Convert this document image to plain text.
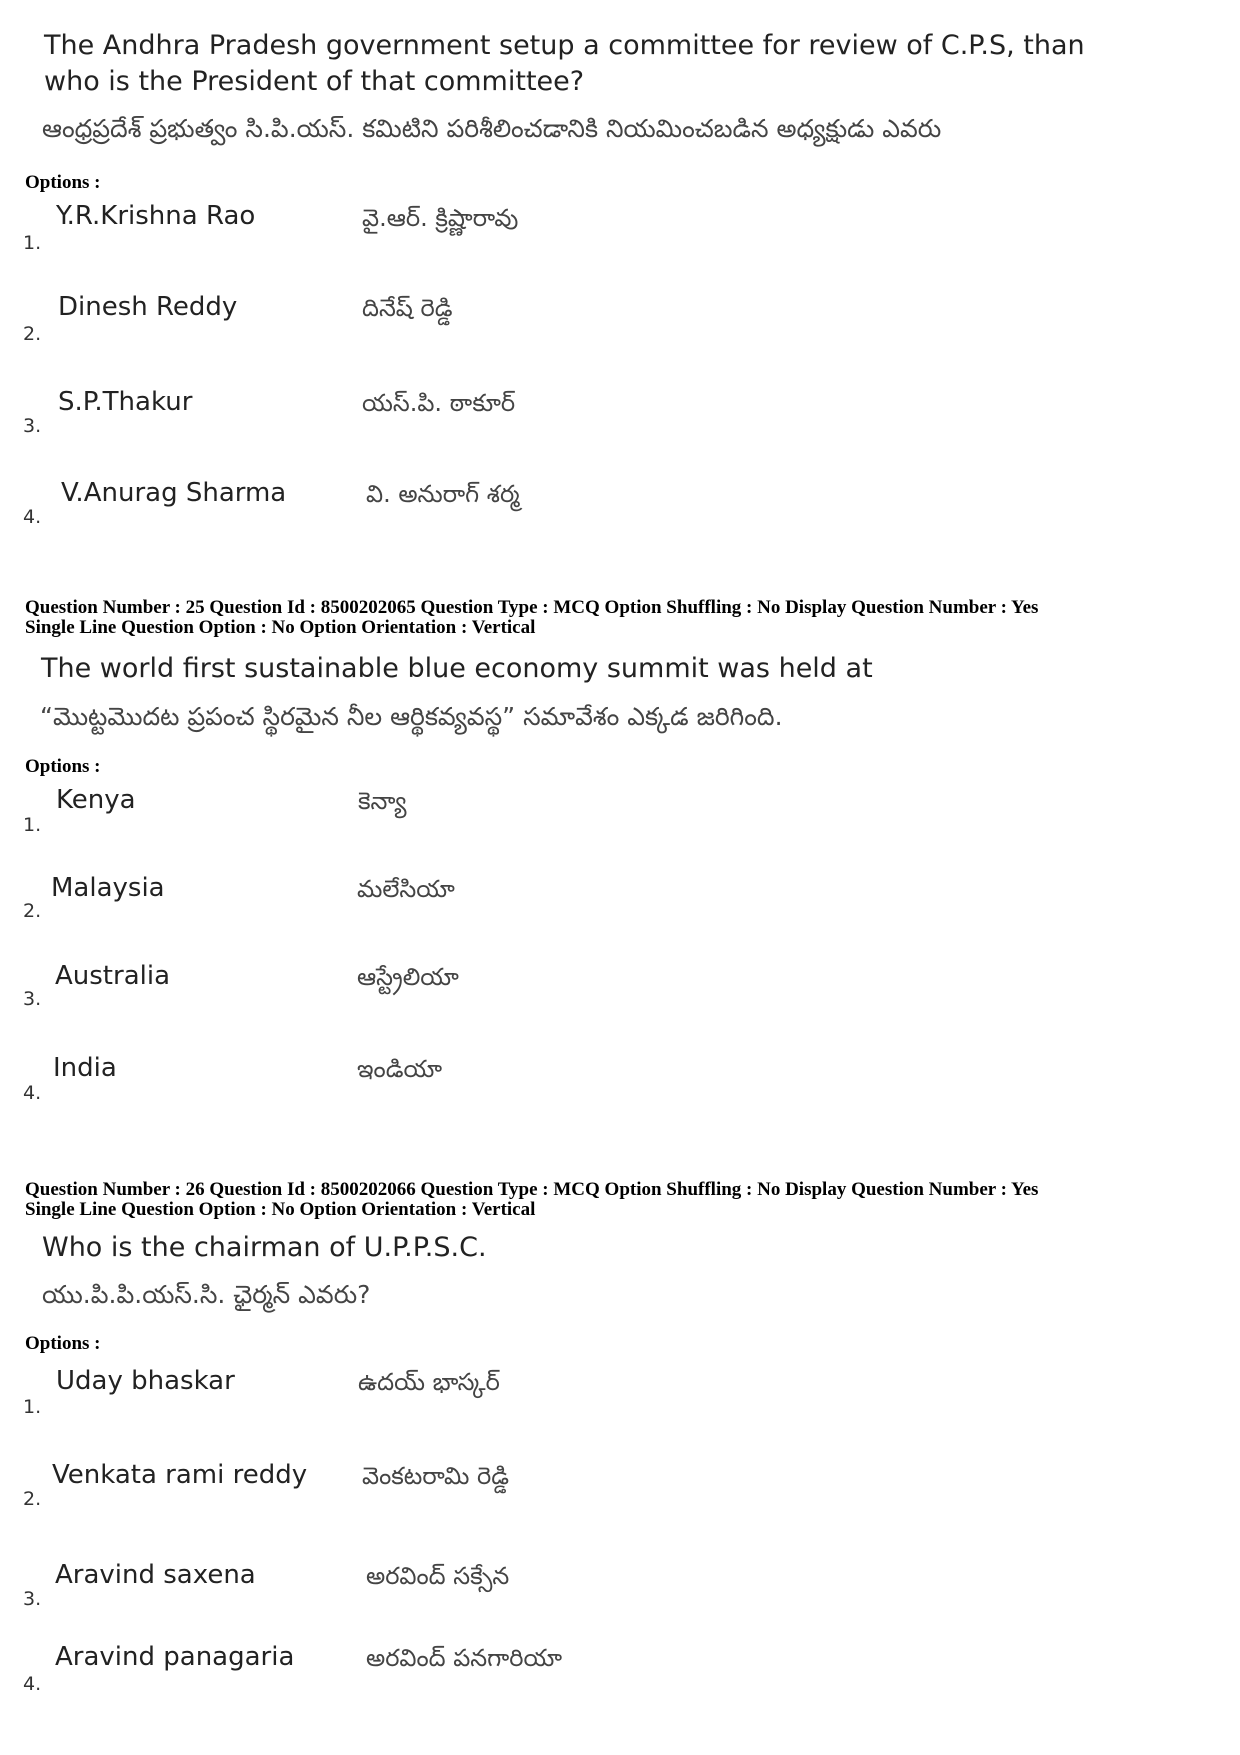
The Andhra Pradesh government setup a committee for review of C.P.S, than
who is the President of that committee?
ఆంధ్రప్రదేశ్ ప్రభుత్వం సి.పి.యస్. కమిటిని పరిశీలించడానికి నియమించబడిన అధ్యక్షుడు ఎవరు
Options :
1.
Y.R.Krishna Rao	వై.ఆర్. క్రిష్ణారావు
2.
Dinesh Reddy	దినేష్ రెడ్డి
3.
S.P.Thakur	యస్.పి. ఠాకూర్
4.
V.Anurag Sharma	వి. అనురాగ్ శర్మ
Question Number : 25 Question Id : 8500202065 Question Type : MCQ Option Shuffling : No Display Question Number : Yes
Single Line Question Option : No Option Orientation : Vertical
The world first sustainable blue economy summit was held at
“మొట్టమొదట ప్రపంచ స్థిరమైన నీల ఆర్థికవ్యవస్థ” సమావేశం ఎక్కడ జరిగింది.
Options :
1.
Kenya	కెన్యా
2.
Malaysia	మలేసియా
3.
Australia	ఆస్ట్రేలియా
4.
India	ఇండియా
Question Number : 26 Question Id : 8500202066 Question Type : MCQ Option Shuffling : No Display Question Number : Yes
Single Line Question Option : No Option Orientation : Vertical
Who is the chairman of U.P.P.S.C.
యు.పి.పి.యస్.సి. ఛైర్మన్ ఎవరు?
Options :
1.
Uday bhaskar	ఉదయ్ భాస్కర్
2.
Venkata rami reddy వెంకటరామి రెడ్డి
3.
Aravind saxena	అరవింద్ సక్సేన
4.
Aravind panagaria	అరవింద్ పనగారియా
